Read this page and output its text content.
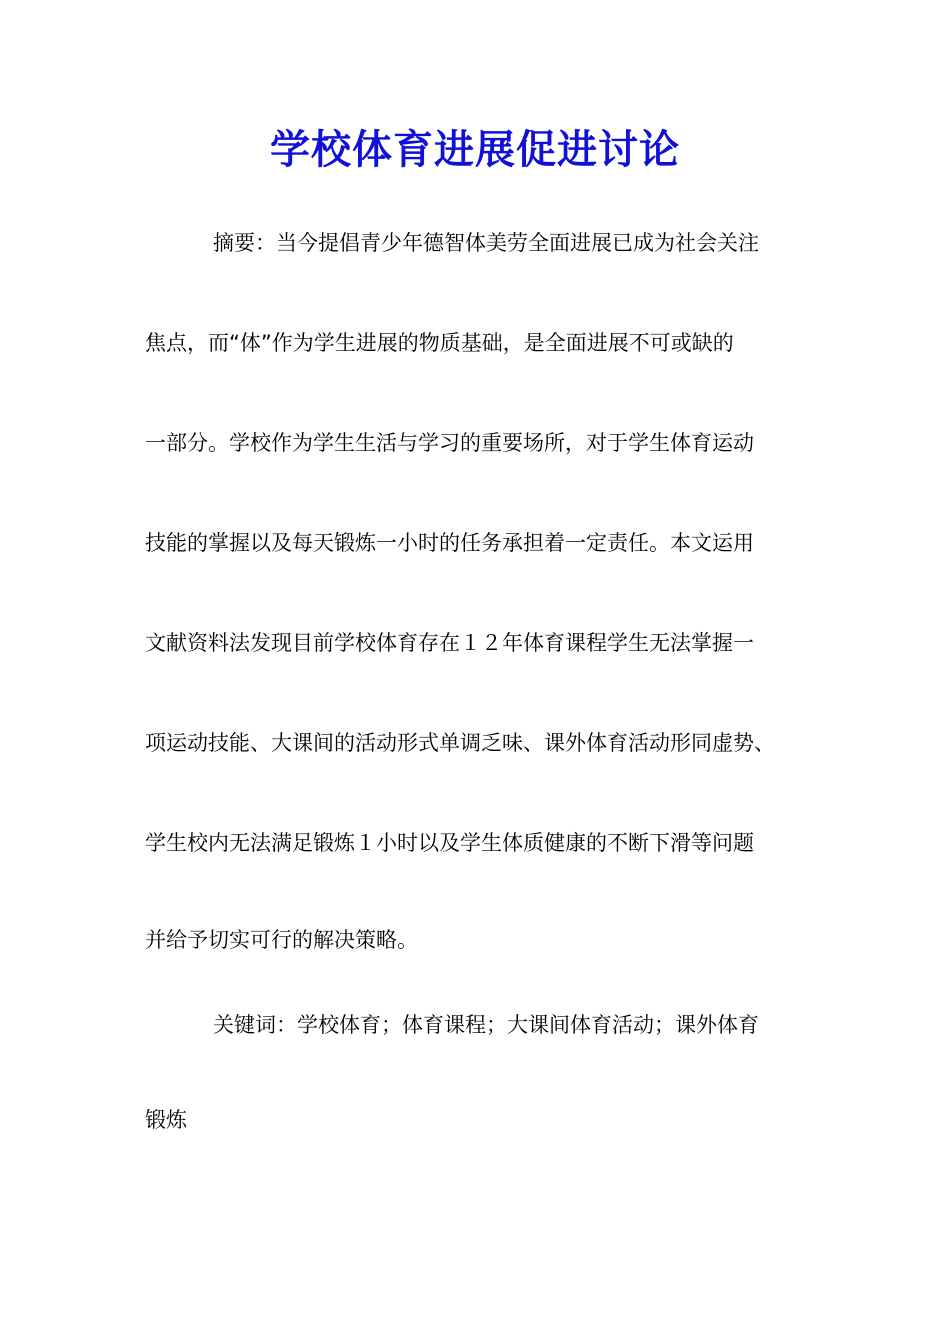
学校体育进展促进讨论
摘要：当今提倡青少年德智体美劳全面进展已成为社会关注
焦点，而“体”作为学生进展的物质基础，是全面进展不可或缺的
一部分。学校作为学生生活与学习的重要场所，对于学生体育运动
技能的掌握以及每天锻炼一小时的任务承担着一定责任。本文运用
文献资料法发现目前学校体育存在１２年体育课程学生无法掌握一
项运动技能、大课间的活动形式单调乏味、课外体育活动形同虚势、
学生校内无法满足锻炼１小时以及学生体质健康的不断下滑等问题
并给予切实可行的解决策略。
关键词：学校体育；体育课程；大课间体育活动；课外体育
锻炼
